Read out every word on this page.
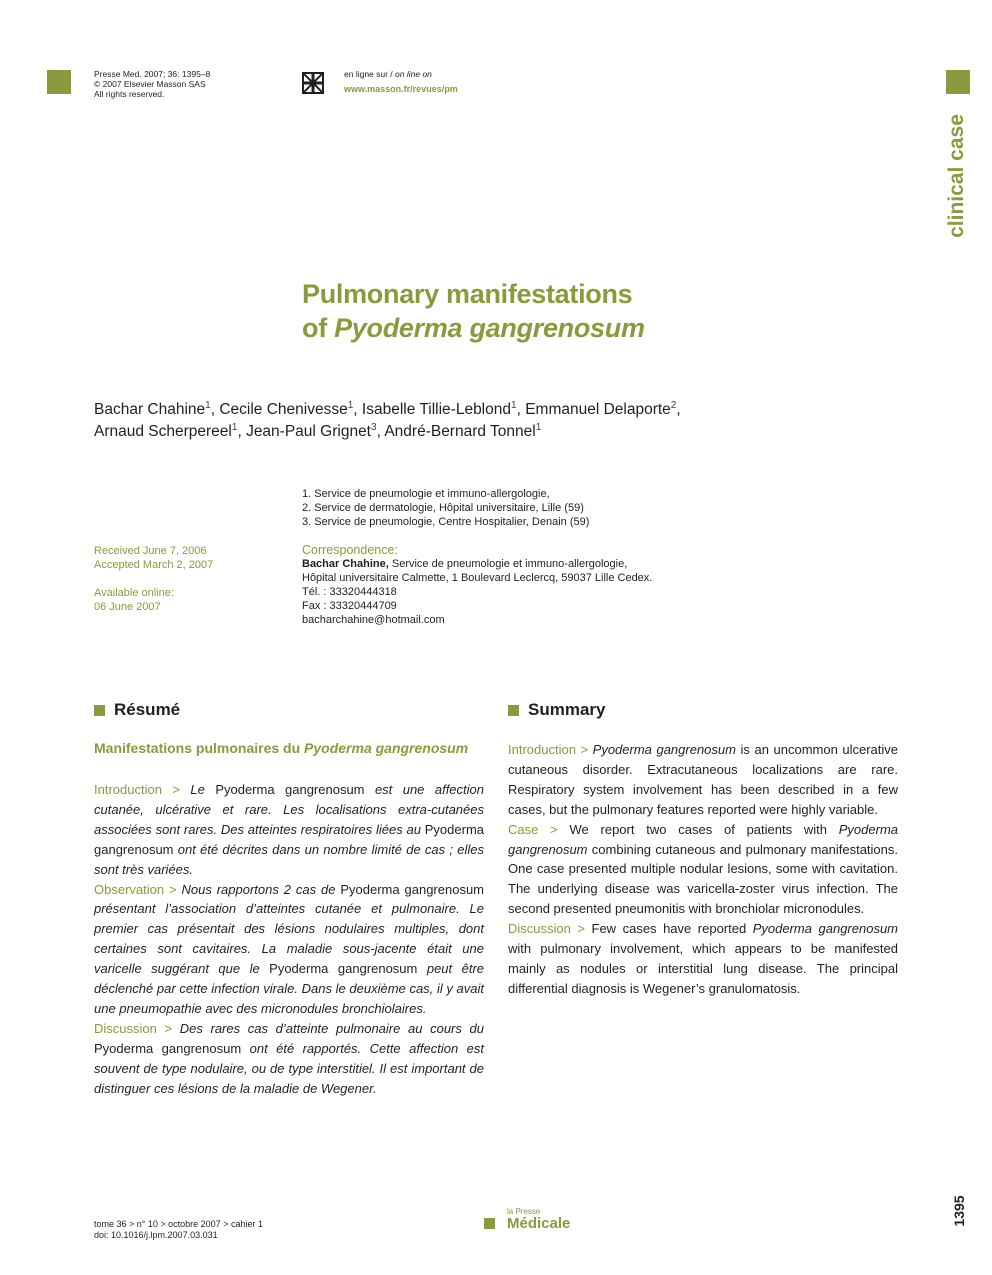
Presse Med. 2007; 36: 1395–8
© 2007 Elsevier Masson SAS
All rights reserved.
en ligne sur / on line on
www.masson.fr/revues/pm
clinical case
Pulmonary manifestations
of Pyoderma gangrenosum
Bachar Chahine$^1$, Cecile Chenivesse$^1$, Isabelle Tillie-Leblond$^1$, Emmanuel Delaporte$^2$,
Arnaud Scherpereel$^1$, Jean-Paul Grignet$^3$, André-Bernard Tonnel$^1$
1. Service de pneumologie et immuno-allergologie,
2. Service de dermatologie, Hôpital universitaire, Lille (59)
3. Service de pneumologie, Centre Hospitalier, Denain (59)
Received June 7, 2006
Accepted March 2, 2007
Available online:
06 June 2007
Correspondence:
Bachar Chahine, Service de pneumologie et immuno-allergologie,
Hôpital universitaire Calmette, 1 Boulevard Leclercq, 59037 Lille Cedex.
Tél. : 33320444318
Fax : 33320444709
bacharchahine@hotmail.com
Résumé
Manifestations pulmonaires du Pyoderma gangrenosum
Introduction > Le Pyoderma gangrenosum est une affection cutanée, ulcérative et rare. Les localisations extra-cutanées associées sont rares. Des atteintes respiratoires liées au Pyoderma gangrenosum ont été décrites dans un nombre limité de cas ; elles sont très variées.
Observation > Nous rapportons 2 cas de Pyoderma gangrenosum présentant l’association d’atteintes cutanée et pulmonaire. Le premier cas présentait des lésions nodulaires multiples, dont certaines sont cavitaires. La maladie sous-jacente était une varicelle suggérant que le Pyoderma gangrenosum peut être déclenché par cette infection virale. Dans le deuxième cas, il y avait une pneumopathie avec des micronodules bronchiolaires.
Discussion > Des rares cas d’atteinte pulmonaire au cours du Pyoderma gangrenosum ont été rapportés. Cette affection est souvent de type nodulaire, ou de type interstitiel. Il est important de distinguer ces lésions de la maladie de Wegener.
Summary
Introduction > Pyoderma gangrenosum is an uncommon ulcerative cutaneous disorder. Extracutaneous localizations are rare. Respiratory system involvement has been described in a few cases, but the pulmonary features reported were highly variable.
Case > We report two cases of patients with Pyoderma gangrenosum combining cutaneous and pulmonary manifestations. One case presented multiple nodular lesions, some with cavitation. The underlying disease was varicella-zoster virus infection. The second presented pneumonitis with bronchiolar micronodules.
Discussion > Few cases have reported Pyoderma gangrenosum with pulmonary involvement, which appears to be manifested mainly as nodules or interstitial lung disease. The principal differential diagnosis is Wegener’s granulomatosis.
tome 36 > n° 10 > octobre 2007 > cahier 1
doi: 10.1016/j.lpm.2007.03.031
la Presse
Médicale	1395
